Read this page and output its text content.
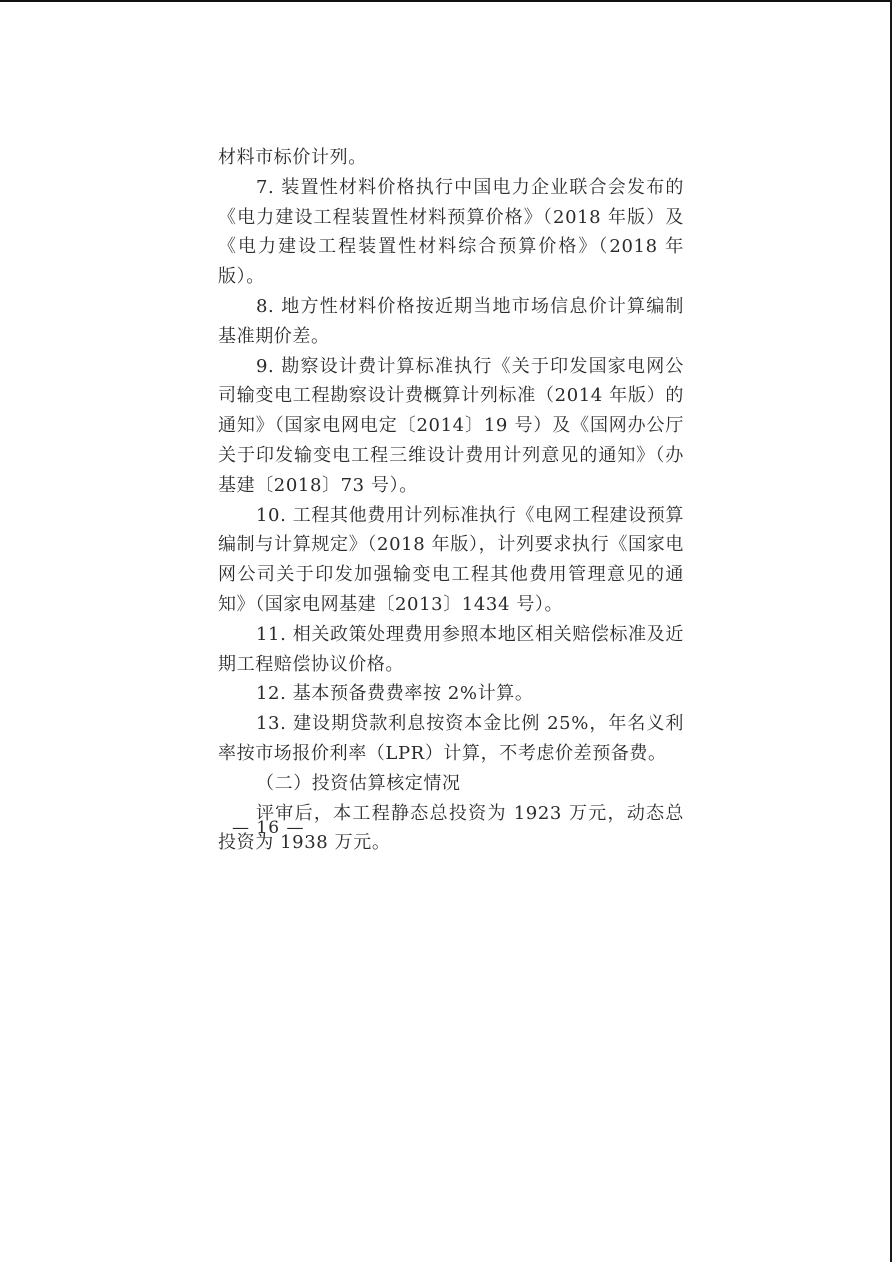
材料市标价计列。

7. 装置性材料价格执行中国电力企业联合会发布的《电力建设工程装置性材料预算价格》（2018 年版）及《电力建设工程装置性材料综合预算价格》（2018 年版）。

8. 地方性材料价格按近期当地市场信息价计算编制基准期价差。

9. 勘察设计费计算标准执行《关于印发国家电网公司输变电工程勘察设计费概算计列标准（2014 年版）的通知》（国家电网电定〔2014〕19 号）及《国网办公厅关于印发输变电工程三维设计费用计列意见的通知》（办基建〔2018〕73 号）。

10. 工程其他费用计列标准执行《电网工程建设预算编制与计算规定》（2018 年版），计列要求执行《国家电网公司关于印发加强输变电工程其他费用管理意见的通知》（国家电网基建〔2013〕1434 号）。

11. 相关政策处理费用参照本地区相关赔偿标准及近期工程赔偿协议价格。

12. 基本预备费费率按 2%计算。

13. 建设期贷款利息按资本金比例 25%，年名义利率按市场报价利率（LPR）计算，不考虑价差预备费。

（二）投资估算核定情况

评审后，本工程静态总投资为 1923 万元，动态总投资为 1938 万元。

— 16 —
